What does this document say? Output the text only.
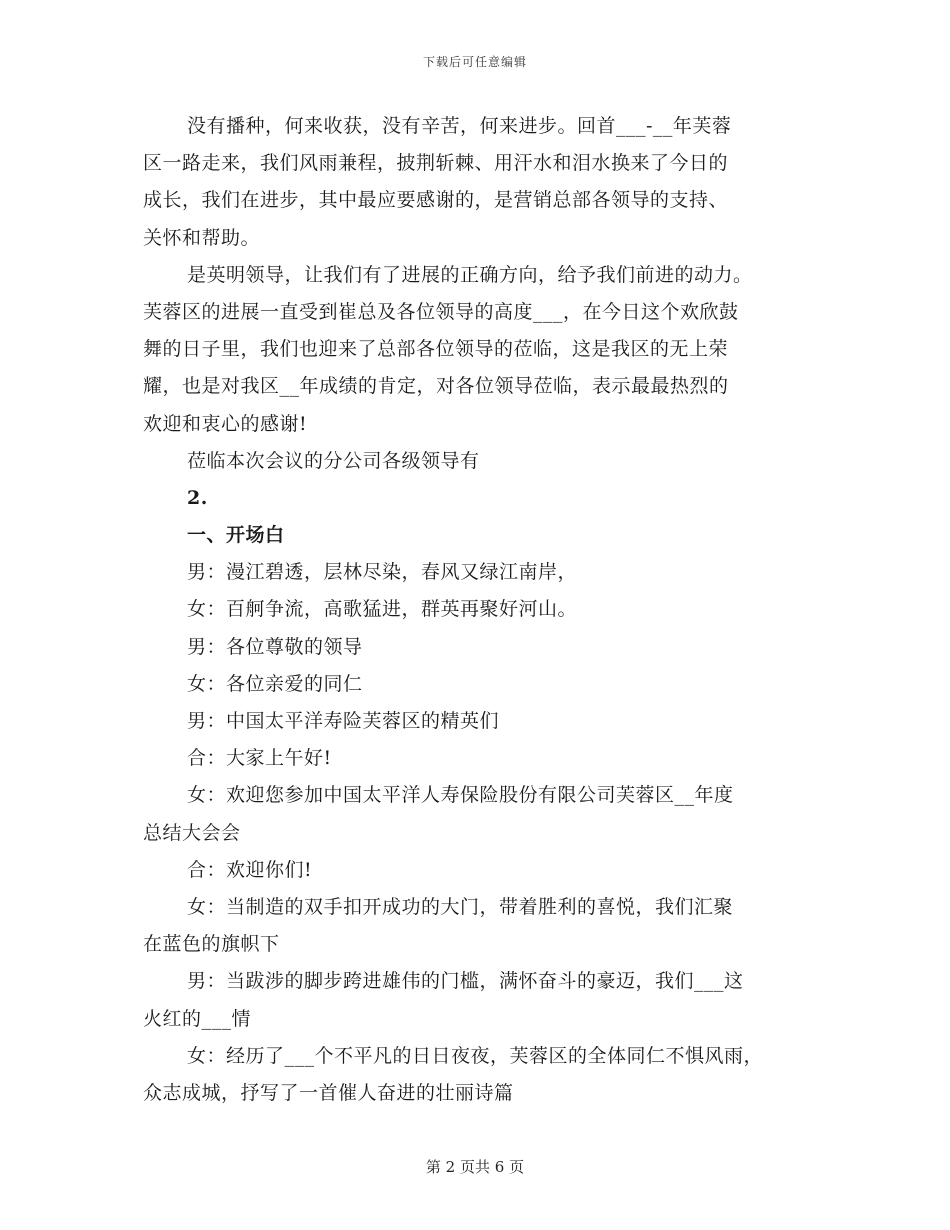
下载后可任意编辑
没有播种，何来收获，没有辛苦，何来进步。回首___-__年芙蓉
区一路走来，我们风雨兼程，披荆斩棘、用汗水和泪水换来了今日的
成长，我们在进步，其中最应要感谢的，是营销总部各领导的支持、
关怀和帮助。
是英明领导，让我们有了进展的正确方向，给予我们前进的动力。
芙蓉区的进展一直受到崔总及各位领导的高度___，在今日这个欢欣鼓
舞的日子里，我们也迎来了总部各位领导的莅临，这是我区的无上荣
耀，也是对我区__年成绩的肯定，对各位领导莅临，表示最最热烈的
欢迎和衷心的感谢!
莅临本次会议的分公司各级领导有
2.
一、开场白
男：漫江碧透，层林尽染，春风又绿江南岸，
女：百舸争流，高歌猛进，群英再聚好河山。
男：各位尊敬的领导
女：各位亲爱的同仁
男：中国太平洋寿险芙蓉区的精英们
合：大家上午好!
女：欢迎您参加中国太平洋人寿保险股份有限公司芙蓉区__年度
总结大会会
合：欢迎你们!
女：当制造的双手扣开成功的大门，带着胜利的喜悦，我们汇聚
在蓝色的旗帜下
男：当跋涉的脚步跨进雄伟的门槛，满怀奋斗的豪迈，我们___这
火红的___情
女：经历了___个不平凡的日日夜夜，芙蓉区的全体同仁不惧风雨，
众志成城，抒写了一首催人奋进的壮丽诗篇
第 2 页共 6 页
